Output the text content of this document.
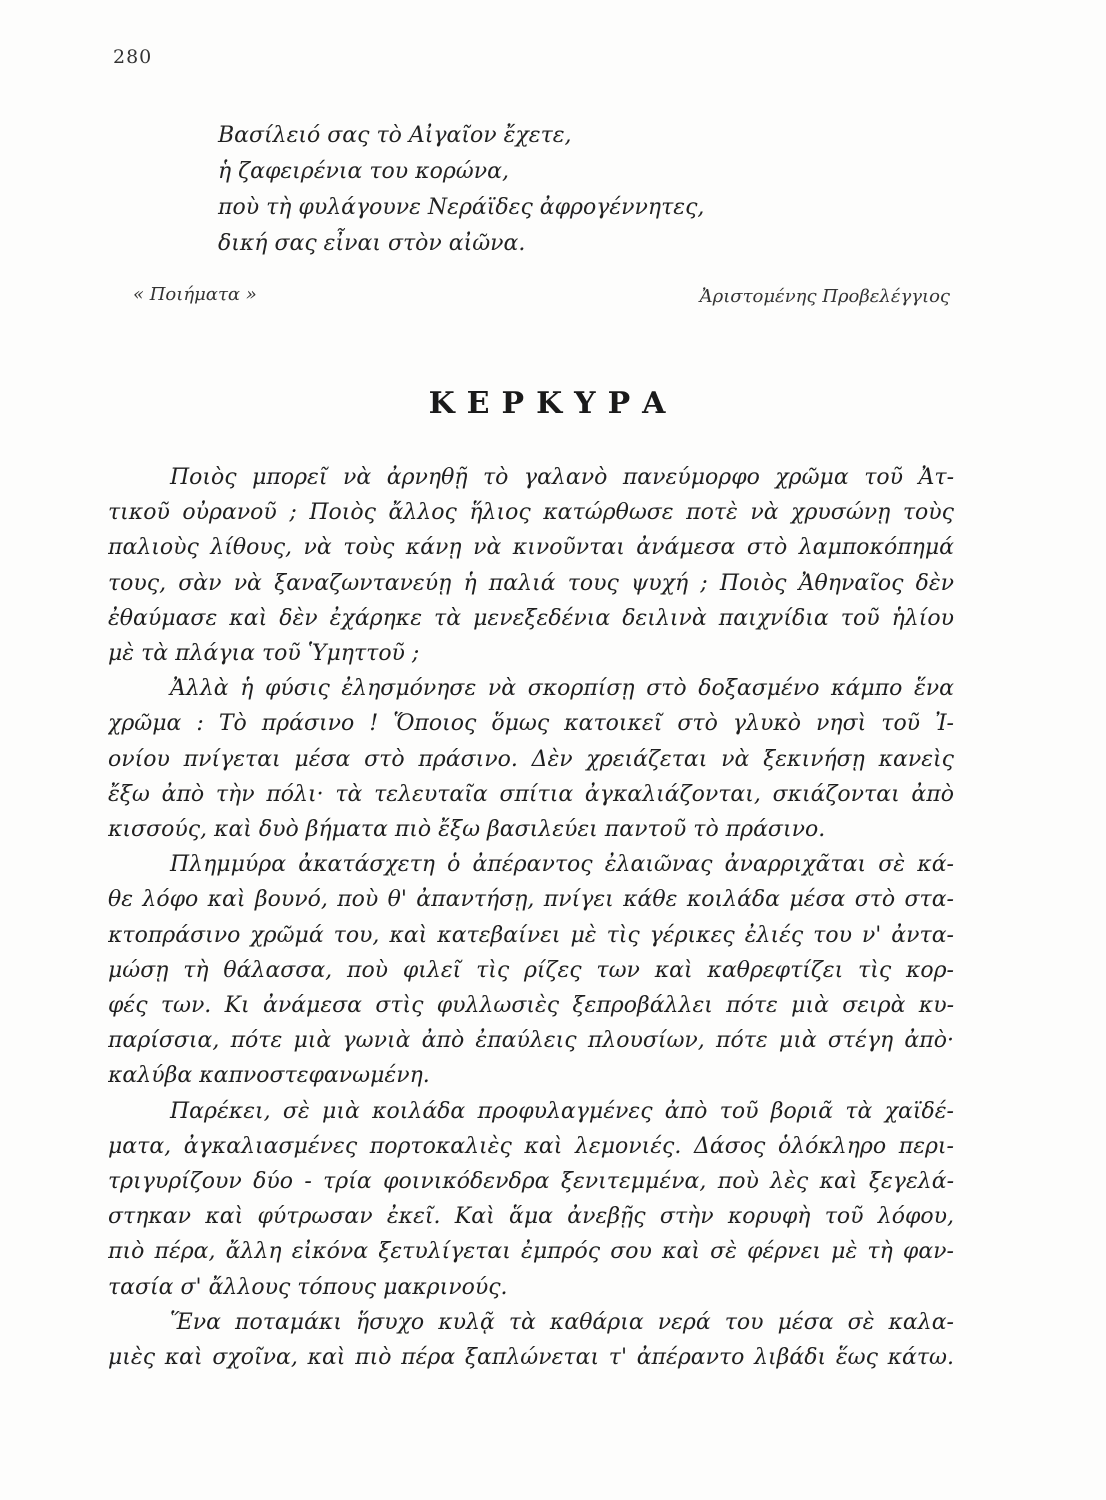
280
Βασίλειό σας τὸ Αἰγαῖον ἔχετε,
ἡ ζαφειρένια του κορώνα,
ποὺ τὴ φυλάγουνε Νεράϊδες ἀφρογέννητες,
δική σας εἶναι στὸν αἰῶνα.
« Ποιήματα »	Ἀριστομένης Προβελέγγιος
ΚΕΡΚΥΡΑ
Ποιὸς μπορεῖ νὰ ἀρνηθῇ τὸ γαλανὸ πανεύμορφο χρῶμα τοῦ Ἀτ-
τικοῦ οὐρανοῦ ; Ποιὸς ἄλλος ἥλιος κατώρθωσε ποτὲ νὰ χρυσώνῃ τοὺς
παλιοὺς λίθους, νὰ τοὺς κάνῃ νὰ κινοῦνται ἀνάμεσα στὸ λαμποκόπημά
τους, σὰν νὰ ξαναζωντανεύῃ ἡ παλιά τους ψυχή ; Ποιὸς Ἀθηναῖος δὲν
ἐθαύμασε καὶ δὲν ἐχάρηκε τὰ μενεξεδένια δειλινὰ παιχνίδια τοῦ ἡλίου
μὲ τὰ πλάγια τοῦ Ὑμηττοῦ ;
Ἀλλὰ ἡ φύσις ἐλησμόνησε νὰ σκορπίσῃ στὸ δοξασμένο κάμπο ἕνα
χρῶμα : Τὸ πράσινο ! Ὅποιος ὅμως κατοικεῖ στὸ γλυκὸ νησὶ τοῦ Ἰ-
ονίου πνίγεται μέσα στὸ πράσινο. Δὲν χρειάζεται νὰ ξεκινήσῃ κανεὶς
ἔξω ἀπὸ τὴν πόλι· τὰ τελευταῖα σπίτια ἀγκαλιάζονται, σκιάζονται ἀπὸ
κισσούς, καὶ δυὸ βήματα πιὸ ἔξω βασιλεύει παντοῦ τὸ πράσινο.
Πλημμύρα ἀκατάσχετη ὁ ἀπέραντος ἐλαιῶνας ἀναρριχᾶται σὲ κά-
θε λόφο καὶ βουνό, ποὺ θ' ἀπαντήσῃ, πνίγει κάθε κοιλάδα μέσα στὸ στα-
κτοπράσινο χρῶμά του, καὶ κατεβαίνει μὲ τὶς γέρικες ἐλιές του ν' ἀντα-
μώσῃ τὴ θάλασσα, ποὺ φιλεῖ τὶς ρίζες των καὶ καθρεφτίζει τὶς κορ-
φές των. Κι ἀνάμεσα στὶς φυλλωσιὲς ξεπροβάλλει πότε μιὰ σειρὰ κυ-
παρίσσια, πότε μιὰ γωνιὰ ἀπὸ ἐπαύλεις πλουσίων, πότε μιὰ στέγη ἀπὸ·
καλύβα καπνοστεφανωμένη.
Παρέκει, σὲ μιὰ κοιλάδα προφυλαγμένες ἀπὸ τοῦ βοριᾶ τὰ χαϊδέ-
ματα, ἀγκαλιασμένες πορτοκαλιὲς καὶ λεμονιές. Δάσος ὁλόκληρο περι-
τριγυρίζουν δύο - τρία φοινικόδενδρα ξενιτεμμένα, ποὺ λὲς καὶ ξεγελά-
στηκαν καὶ φύτρωσαν ἐκεῖ. Καὶ ἅμα ἀνεβῇς στὴν κορυφὴ τοῦ λόφου,
πιὸ πέρα, ἄλλη εἰκόνα ξετυλίγεται ἐμπρός σου καὶ σὲ φέρνει μὲ τὴ φαν-
τασία σ' ἄλλους τόπους μακρινούς.
Ἕνα ποταμάκι ἥσυχο κυλᾷ τὰ καθάρια νερά του μέσα σὲ καλα-
μιὲς καὶ σχοῖνα, καὶ πιὸ πέρα ξαπλώνεται τ' ἀπέραντο λιβάδι ἕως κάτω.
